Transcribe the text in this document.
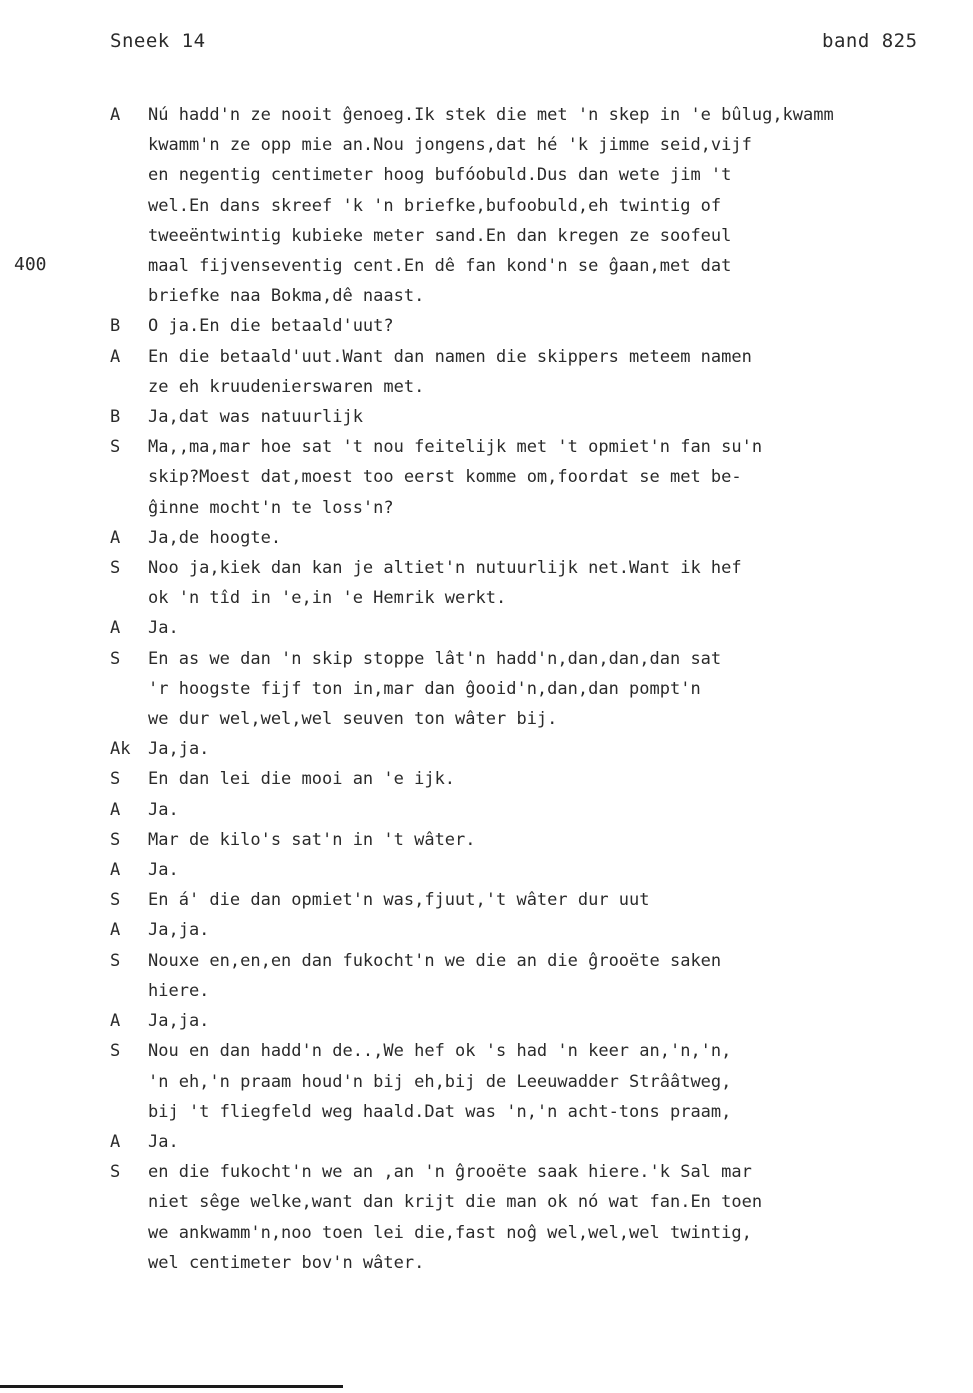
Sneek 14	band 825
400
A	Nú hadd'n ze nooit ĝenoeg.Ik stek die met 'n skep in 'e bûlug,kwamm
kwamm'n ze opp mie an.Nou jongens,dat hé 'k jimme seid,vijf
en negentig centimeter hoog bufóobuld.Dus dan wete jim 't
wel.En dans skreef 'k 'n briefke,bufoobuld,eh twintig of
tweeëntwintig kubieke meter sand.En dan kregen ze soofeul
maal fijvenseventig cent.En dê fan kond'n se ĝaan,met dat
briefke naa Bokma,dê naast.
B	O ja.En die betaald'uut?
A	En die betaald'uut.Want dan namen die skippers meteem namen
ze eh kruudenierswaren met.
B	Ja,dat was natuurlijk
S	Ma,,ma,mar hoe sat 't nou feitelijk met 't opmiet'n fan su'n
skip?Moest dat,moest too eerst komme om,foordat se met be-
ĝinne mocht'n te loss'n?
A	Ja,de hoogte.
S	Noo ja,kiek dan kan je altiet'n nutuurlijk net.Want ik hef
ok 'n tîd in 'e,in 'e Hemrik werkt.
A	Ja.
S	En as we dan 'n skip stoppe lât'n hadd'n,dan,dan,dan sat
'r hoogste fijf ton in,mar dan ĝooid'n,dan,dan pompt'n
we dur wel,wel,wel seuven ton wâter bij.
Ak	Ja,ja.
S	En dan lei die mooi an 'e ijk.
A	Ja.
S	Mar de kilo's sat'n in 't wâter.
A	Ja.
S	En á' die dan opmiet'n was,fjuut,'t wâter dur uut
A	Ja,ja.
S	Nouxe en,en,en dan fukocht'n we die an die ĝrooëte saken
hiere.
A	Ja,ja.
S	Nou en dan hadd'n de..,We hef ok 's had 'n keer an,'n,'n,
'n eh,'n praam houd'n bij eh,bij de Leeuwadder Strââtweg,
bij 't fliegfeld weg haald.Dat was 'n,'n acht-tons praam,
A	Ja.
S	en die fukocht'n we an ,an 'n ĝrooëte saak hiere.'k Sal mar
niet sêge welke,want dan krijt die man ok nó wat fan.En toen
we ankwamm'n,noo toen lei die,fast noĝ wel,wel,wel twintig,
wel centimeter bov'n wâter.
